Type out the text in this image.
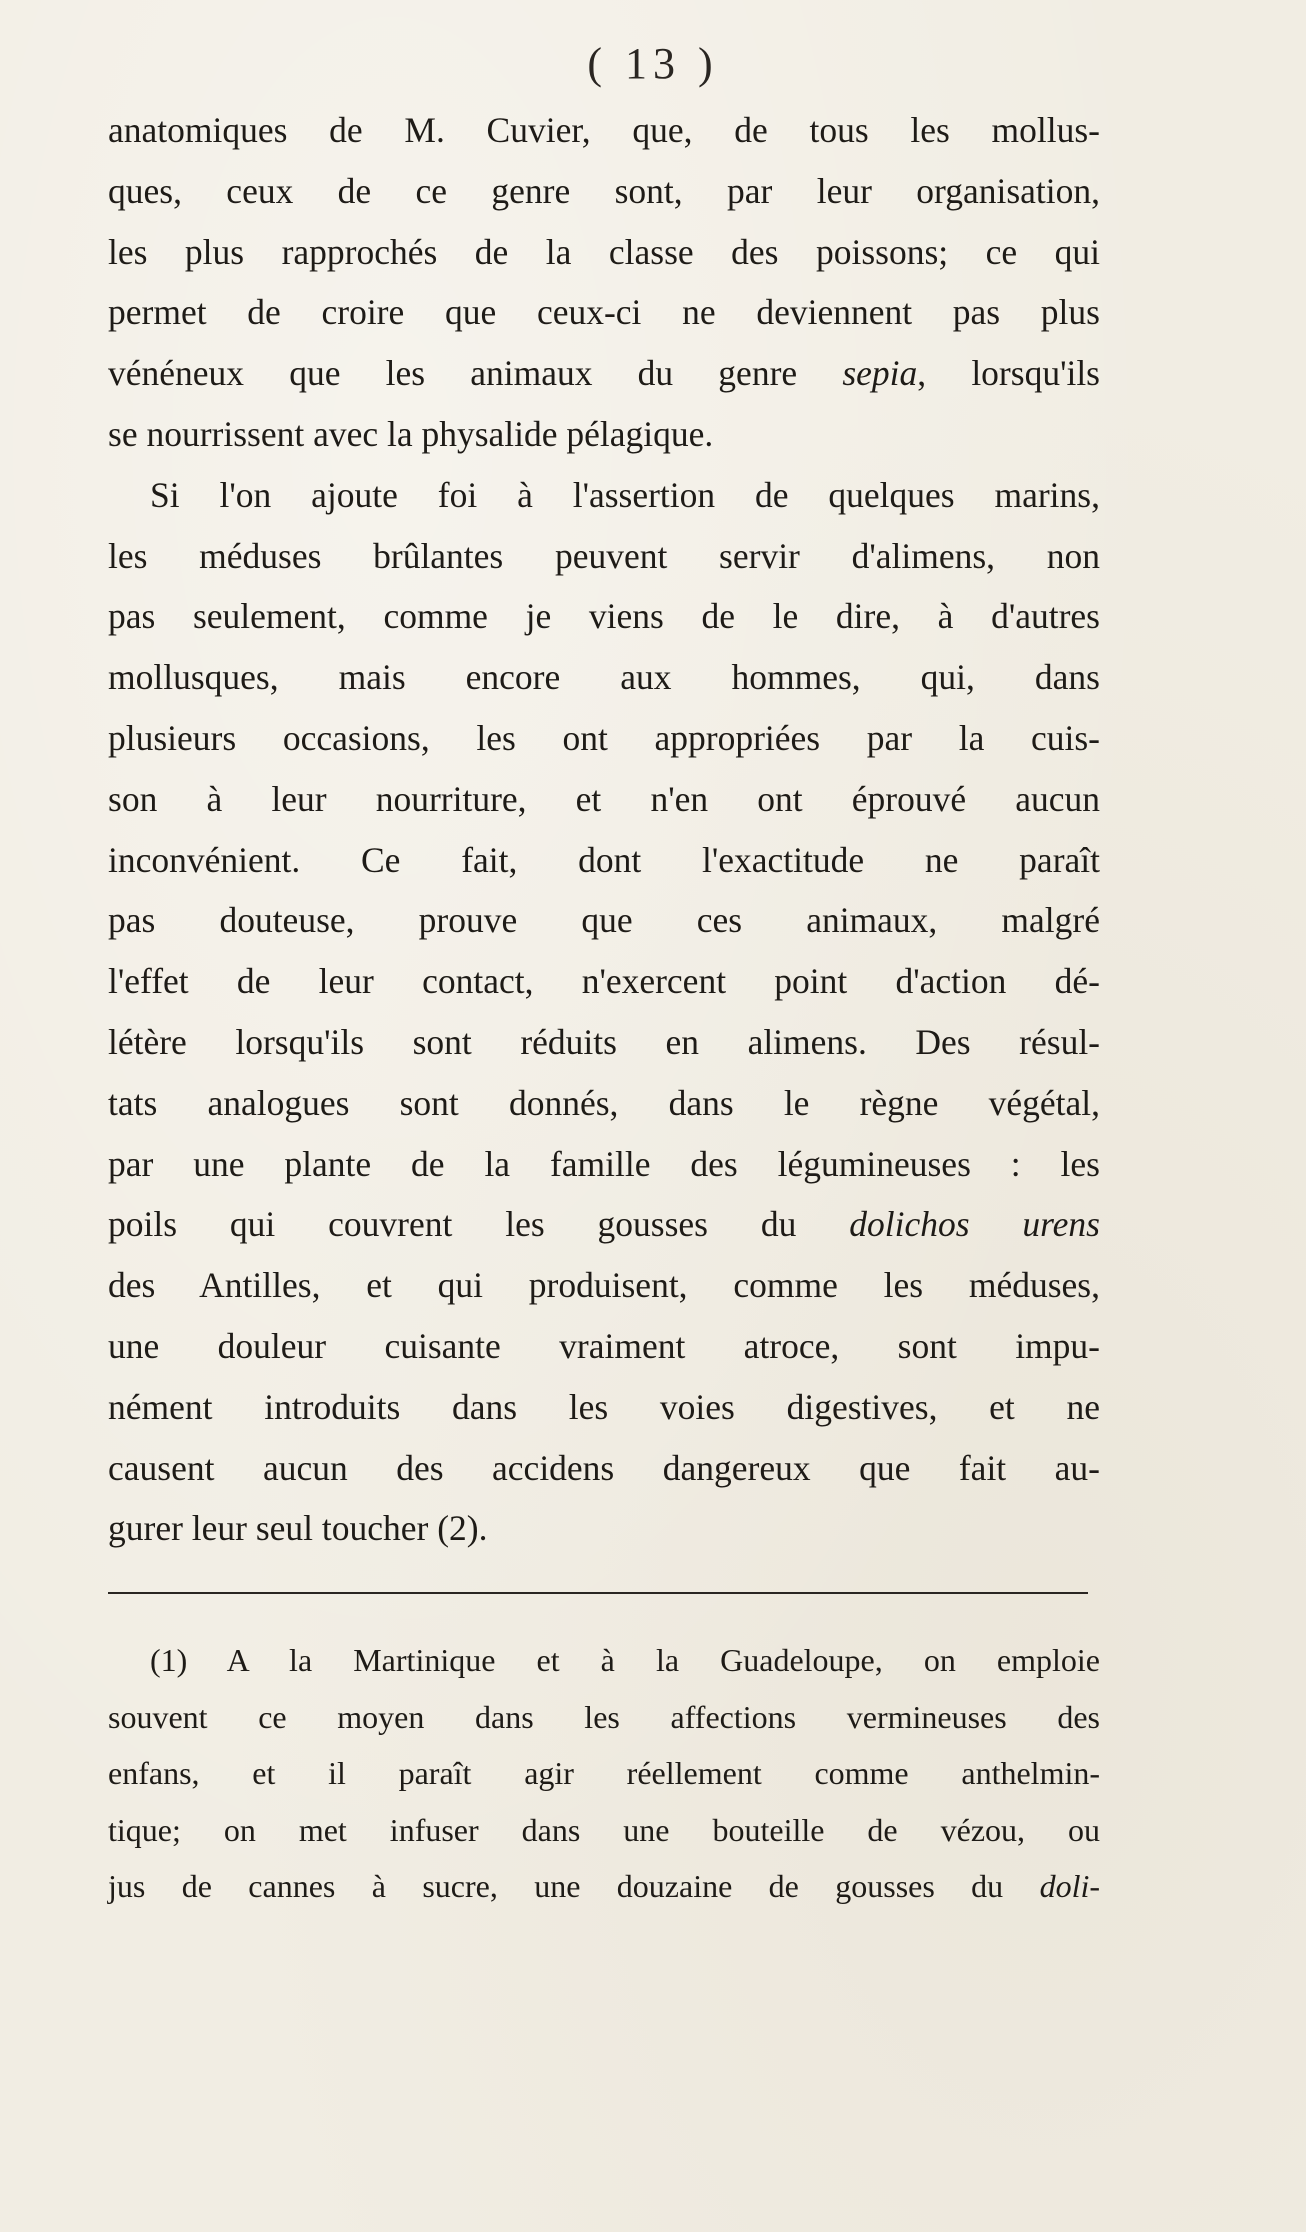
( 13 )
anatomiques de M. Cuvier, que, de tous les mollus-
ques, ceux de ce genre sont, par leur organisation,
les plus rapprochés de la classe des poissons; ce qui
permet de croire que ceux-ci ne deviennent pas plus
vénéneux que les animaux du genre sepia, lorsqu'ils
se nourrissent avec la physalide pélagique.
Si l'on ajoute foi à l'assertion de quelques marins,
les méduses brûlantes peuvent servir d'alimens, non
pas seulement, comme je viens de le dire, à d'autres
mollusques, mais encore aux hommes, qui, dans
plusieurs occasions, les ont appropriées par la cuis-
son à leur nourriture, et n'en ont éprouvé aucun
inconvénient. Ce fait, dont l'exactitude ne paraît
pas douteuse, prouve que ces animaux, malgré
l'effet de leur contact, n'exercent point d'action dé-
létère lorsqu'ils sont réduits en alimens. Des résul-
tats analogues sont donnés, dans le règne végétal,
par une plante de la famille des légumineuses : les
poils qui couvrent les gousses du dolichos urens
des Antilles, et qui produisent, comme les méduses,
une douleur cuisante vraiment atroce, sont impu-
nément introduits dans les voies digestives, et ne
causent aucun des accidens dangereux que fait au-
gurer leur seul toucher (2).
(1) A la Martinique et à la Guadeloupe, on emploie
souvent ce moyen dans les affections vermineuses des
enfans, et il paraît agir réellement comme anthelmin-
tique; on met infuser dans une bouteille de vézou, ou
jus de cannes à sucre, une douzaine de gousses du doli-
